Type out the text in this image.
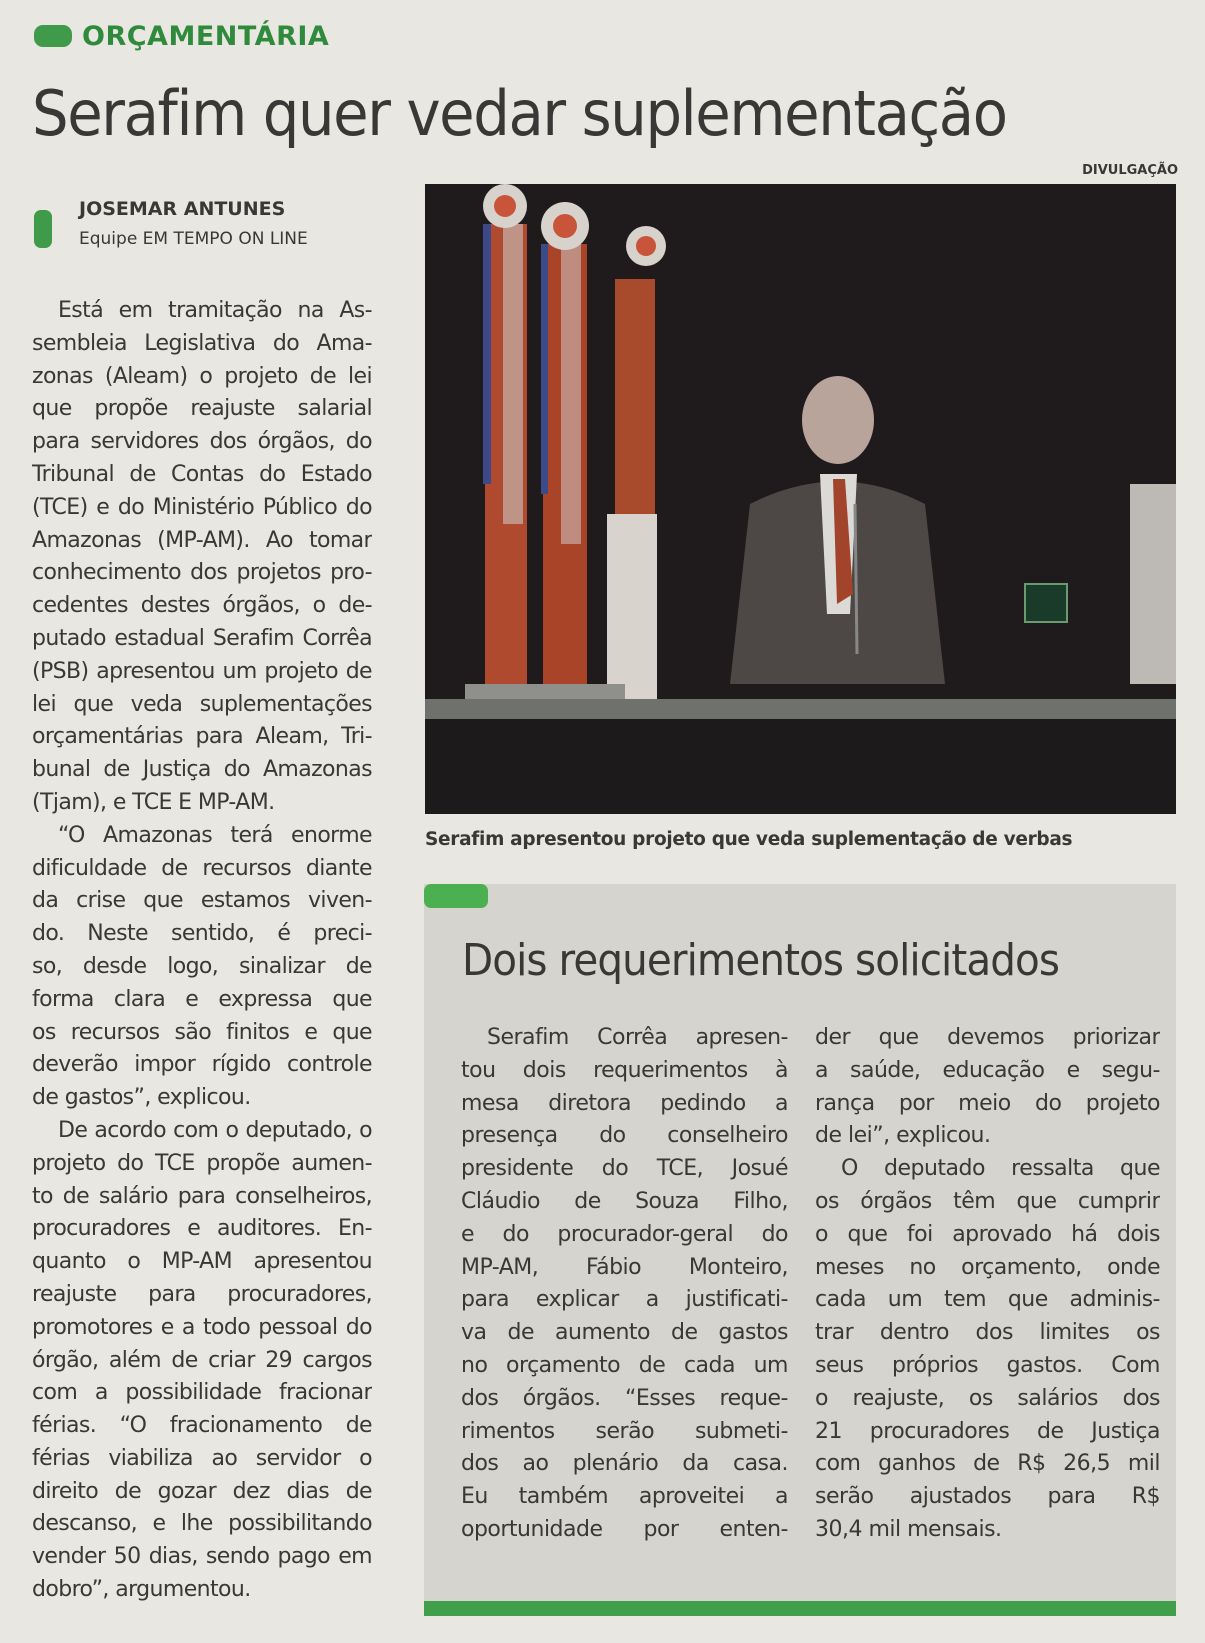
ORÇAMENTÁRIA
Serafim quer vedar suplementação
DIVULGAÇÃO
JOSEMAR ANTUNES
Equipe EM TEMPO ON LINE
Está em tramitação na As-
sembleia Legislativa do Ama-
zonas (Aleam) o projeto de lei
que propõe reajuste salarial
para servidores dos órgãos, do
Tribunal de Contas do Estado
(TCE) e do Ministério Público do
Amazonas (MP-AM). Ao tomar
conhecimento dos projetos pro-
cedentes destes órgãos, o de-
putado estadual Serafim Corrêa
(PSB) apresentou um projeto de
lei que veda suplementações
orçamentárias para Aleam, Tri-
bunal de Justiça do Amazonas
(Tjam), e TCE E MP-AM.
“O Amazonas terá enorme
dificuldade de recursos diante
da crise que estamos viven-
do. Neste sentido, é preci-
so, desde logo, sinalizar de
forma clara e expressa que
os recursos são finitos e que
deverão impor rígido controle
de gastos”, explicou.
De acordo com o deputado, o
projeto do TCE propõe aumen-
to de salário para conselheiros,
procuradores e auditores. En-
quanto o MP-AM apresentou
reajuste para procuradores,
promotores e a todo pessoal do
órgão, além de criar 29 cargos
com a possibilidade fracionar
férias. “O fracionamento de
férias viabiliza ao servidor o
direito de gozar dez dias de
descanso, e lhe possibilitando
vender 50 dias, sendo pago em
dobro”, argumentou.
Serafim apresentou projeto que veda suplementação de verbas
Dois requerimentos solicitados
Serafim Corrêa apresen-
tou dois requerimentos à
mesa diretora pedindo a
presença do conselheiro
presidente do TCE, Josué
Cláudio de Souza Filho,
e do procurador-geral do
MP-AM, Fábio Monteiro,
para explicar a justificati-
va de aumento de gastos
no orçamento de cada um
dos órgãos. “Esses reque-
rimentos serão submeti-
dos ao plenário da casa.
Eu também aproveitei a
oportunidade por enten-
der que devemos priorizar
a saúde, educação e segu-
rança por meio do projeto
de lei”, explicou.
O deputado ressalta que
os órgãos têm que cumprir
o que foi aprovado há dois
meses no orçamento, onde
cada um tem que adminis-
trar dentro dos limites os
seus próprios gastos. Com
o reajuste, os salários dos
21 procuradores de Justiça
com ganhos de R$ 26,5 mil
serão ajustados para R$
30,4 mil mensais.
